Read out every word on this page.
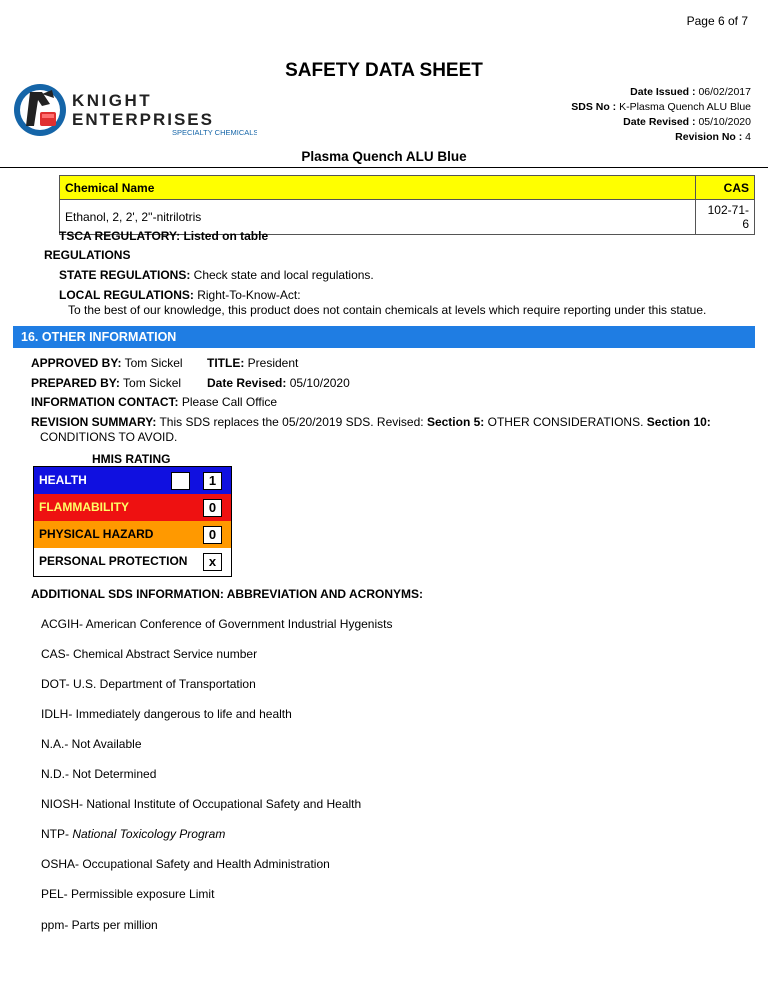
Page 6 of 7
SAFETY DATA SHEET
KNIGHT
ENTERPRISES
SPECIALTY CHEMICALS
Date Issued : 06/02/2017
SDS No : K-Plasma Quench ALU Blue
Date Revised : 05/10/2020
Revision No : 4
Plasma Quench ALU Blue
Chemical Name	CAS
Ethanol, 2, 2', 2''-nitrilotris	102-71-6
TSCA REGULATORY: Listed on table
REGULATIONS
STATE REGULATIONS: Check state and local regulations.
LOCAL REGULATIONS: Right-To-Know-Act:
To the best of our knowledge, this product does not contain chemicals at levels which require reporting under this statue.
16. OTHER INFORMATION
APPROVED BY: Tom Sickel TITLE: President
PREPARED BY: Tom Sickel Date Revised: 05/10/2020
INFORMATION CONTACT: Please Call Office
REVISION SUMMARY: This SDS replaces the 05/20/2019 SDS. Revised: Section 5: OTHER CONSIDERATIONS. Section 10:
CONDITIONS TO AVOID.
HMIS RATING
HEALTH	1
FLAMMABILITY	0
PHYSICAL HAZARD	0
PERSONAL PROTECTION	x
ADDITIONAL SDS INFORMATION: ABBREVIATION AND ACRONYMS:
ACGIH- American Conference of Government Industrial Hygenists
CAS- Chemical Abstract Service number
DOT- U.S. Department of Transportation
IDLH- Immediately dangerous to life and health
N.A.- Not Available
N.D.- Not Determined
NIOSH- National Institute of Occupational Safety and Health
NTP- National Toxicology Program
OSHA- Occupational Safety and Health Administration
PEL- Permissible exposure Limit
ppm- Parts per million
